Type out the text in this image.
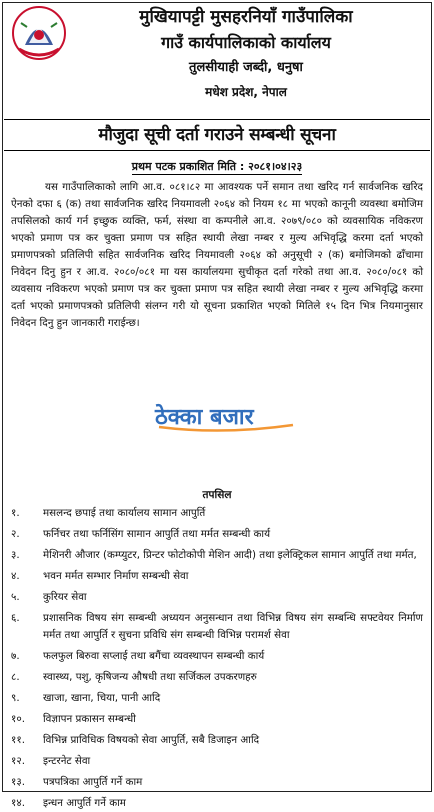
मुखियापट्टी मुसहरनियाँ गाउँपालिका
गाउँ कार्यपालिकाको कार्यालय
तुलसीयाही जब्दी, धनुषा
मधेश प्रदेश, नेपाल
मौजुदा सूची दर्ता गराउने सम्बन्धी सूचना
प्रथम पटक प्रकाशित मिति : २०८१।०४।२३
यस गाउँपालिकाको लागि आ.व. ०८१।८२ मा आवश्यक पर्ने समान तथा खरिद गर्न सार्वजनिक खरिद ऐनको दफा ६ (क) तथा सार्वजनिक खरिद नियमावली २०६४ को नियम १८ मा भएको कानूनी व्यवस्था बमोजिम तपसिलको कार्य गर्न इच्छुक व्यक्ति, फर्म, संस्था वा कम्पनीले आ.व. २०७९/०८० को व्यवसायिक नविकरण भएको प्रमाण पत्र कर चुक्ता प्रमाण पत्र सहित स्थायी लेखा नम्बर र मुल्य अभिवृद्धि करमा दर्ता भएको प्रमाणपत्रको प्रतिलिपी सहित सार्वजनिक खरिद नियमावली २०६४ को अनुसूची २ (क) बमोजिमको ढाँचामा निवेदन दिनु हुन र आ.व. २०८०/०८१ मा यस कार्यालयमा सुचीकृत दर्ता गरेको तथा आ.व. २०८०/०८१ को व्यवसाय नविकरण भएको प्रमाण पत्र कर चुक्ता प्रमाण पत्र सहित स्थायी लेखा नम्बर र मुल्य अभिवृद्धि करमा दर्ता भएको प्रमाणपत्रको प्रतिलिपी संलग्न गरी यो सूचना प्रकाशित भएको मितिले १५ दिन भित्र नियमानुसार निवेदन दिनु हुन जानकारी गराईन्छ।
ठेक्का बजार
तपसिल
१.	मसलन्द छपाई तथा कार्यालय सामान आपुर्ति
२.	फर्निचर तथा फर्निसिंग सामान आपुर्ति तथा मर्मत सम्बन्धी कार्य
३.	मेशिनरी औजार (कम्प्युटर, प्रिन्टर फोटोकोपी मेशिन आदी) तथा इलेक्ट्रिकल सामान आपुर्ति तथा मर्मत,
४.	भवन मर्मत सम्भार निर्माण सम्बन्धी सेवा
५.	कुरियर सेवा
६.	प्रशासनिक विषय संग सम्बन्धी अध्ययन अनुसन्धान तथा विभिन्न विषय संग सम्बन्धि सफ्टवेयर निर्माण मर्मत तथा आपुर्ति र सुचना प्रविधि संग सम्बन्धी विभिन्न परामर्श सेवा
७.	फलफुल बिरुवा सप्लाई तथा बगैंचा व्यवस्थापन सम्बन्धी कार्य
८.	स्वास्थ्य, पशु, कृषिजन्य औषधी तथा सर्जिकल उपकरणहरु
९.	खाजा, खाना, चिया, पानी आदि
१०.	विज्ञापन प्रकासन सम्बन्धी
११.	विभिन्न प्राविधिक विषयको सेवा आपुर्ति, सबै डिजाइन आदि
१२.	इन्टरनेट सेवा
१३.	पत्रपत्रिका आपुर्ति गर्ने काम
१४.	इन्धन आपुर्ति गर्ने काम
